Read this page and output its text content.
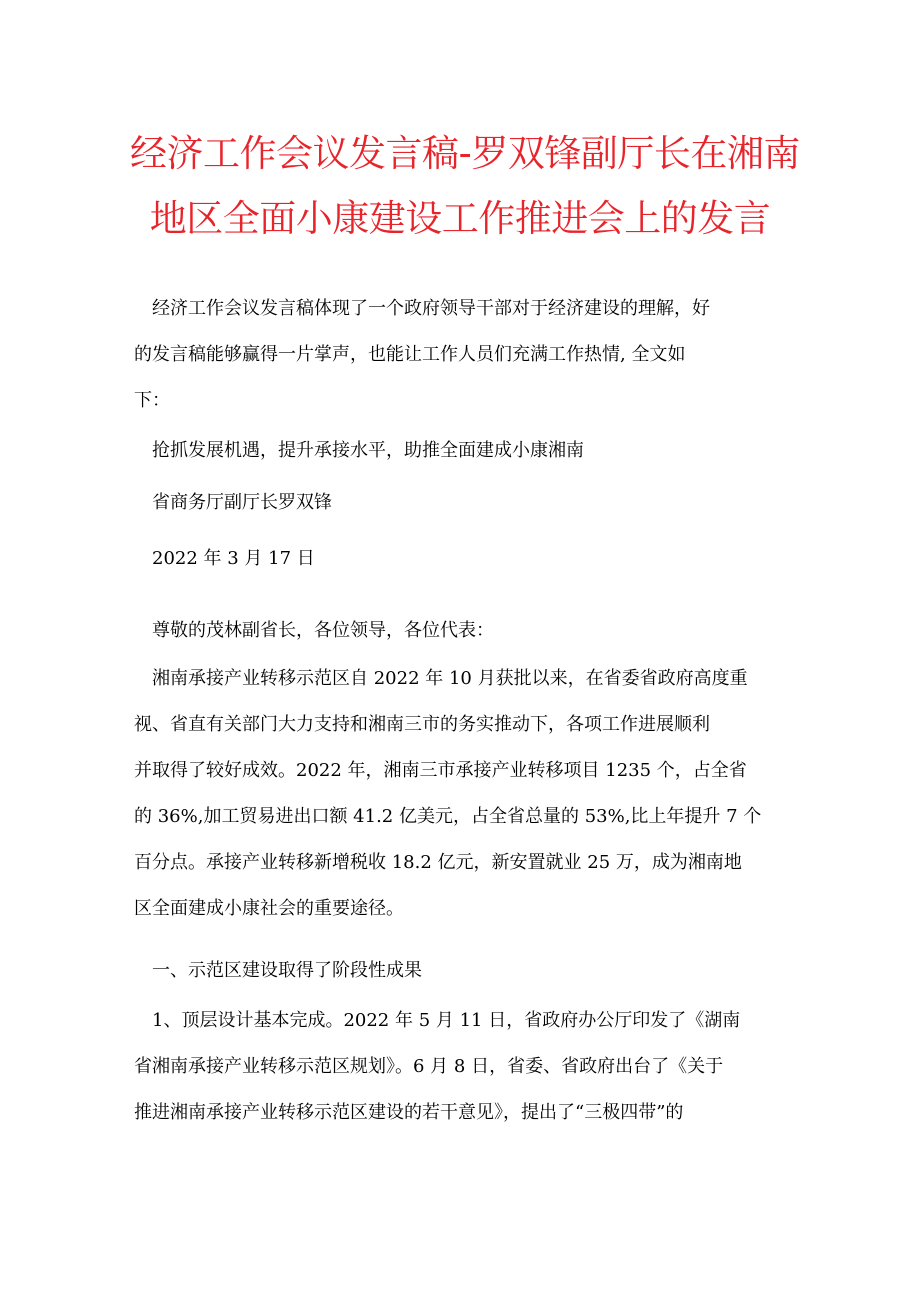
经济工作会议发言稿-罗双锋副厅长在湘南
地区全面小康建设工作推进会上的发言
经济工作会议发言稿体现了一个政府领导干部对于经济建设的理解，好
的发言稿能够赢得一片掌声，也能让工作人员们充满工作热情, 全文如
下：
抢抓发展机遇，提升承接水平，助推全面建成小康湘南
省商务厅副厅长罗双锋
2022 年 3 月 17 日
尊敬的茂林副省长，各位领导，各位代表：
湘南承接产业转移示范区自 2022 年 10 月获批以来，在省委省政府高度重
视、省直有关部门大力支持和湘南三市的务实推动下，各项工作进展顺利
并取得了较好成效。2022 年，湘南三市承接产业转移项目 1235 个，占全省
的 36%,加工贸易进出口额 41.2 亿美元，占全省总量的 53%,比上年提升 7 个
百分点。承接产业转移新增税收 18.2 亿元，新安置就业 25 万，成为湘南地
区全面建成小康社会的重要途径。
一、示范区建设取得了阶段性成果
1、顶层设计基本完成。2022 年 5 月 11 日，省政府办公厅印发了《湖南
省湘南承接产业转移示范区规划》。6 月 8 日，省委、省政府出台了《关于
推进湘南承接产业转移示范区建设的若干意见》，提出了“三极四带”的
